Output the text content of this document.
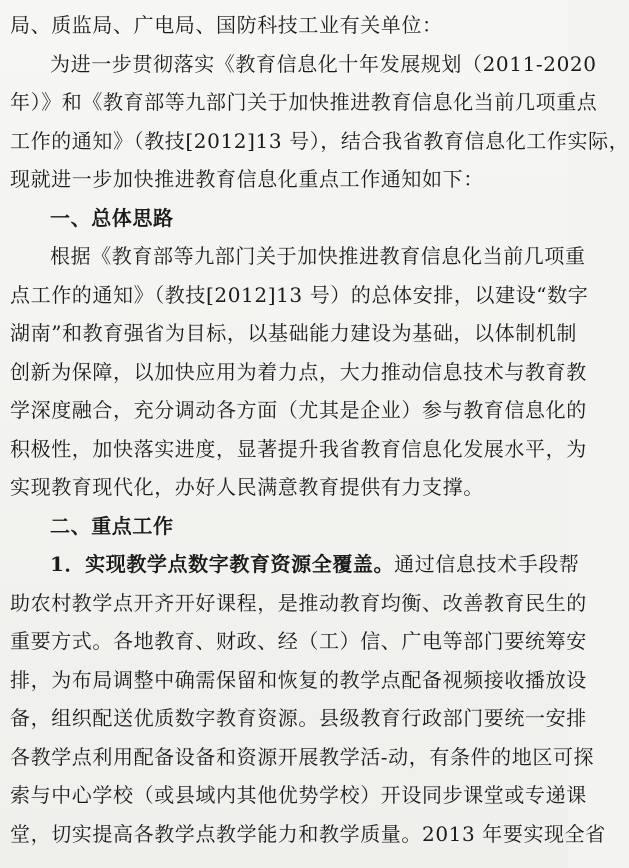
局、质监局、广电局、国防科技工业有关单位：
为进一步贯彻落实《教育信息化十年发展规划（2011-2020
年）》和《教育部等九部门关于加快推进教育信息化当前几项重点
工作的通知》（教技[2012]13 号），结合我省教育信息化工作实际，
现就进一步加快推进教育信息化重点工作通知如下：
一、总体思路
根据《教育部等九部门关于加快推进教育信息化当前几项重
点工作的通知》（教技[2012]13 号）的总体安排，以建设“数字
湖南”和教育强省为目标，以基础能力建设为基础，以体制机制
创新为保障，以加快应用为着力点，大力推动信息技术与教育教
学深度融合，充分调动各方面（尤其是企业）参与教育信息化的
积极性，加快落实进度，显著提升我省教育信息化发展水平，为
实现教育现代化，办好人民满意教育提供有力支撑。
二、重点工作
1．实现教学点数字教育资源全覆盖。通过信息技术手段帮
助农村教学点开齐开好课程，是推动教育均衡、改善教育民生的
重要方式。各地教育、财政、经（工）信、广电等部门要统筹安
排，为布局调整中确需保留和恢复的教学点配备视频接收播放设
备，组织配送优质数字教育资源。县级教育行政部门要统一安排
各教学点利用配备设备和资源开展教学活-动，有条件的地区可探
索与中心学校（或县域内其他优势学校）开设同步课堂或专递课
堂，切实提高各教学点教学能力和教学质量。2013 年要实现全省
